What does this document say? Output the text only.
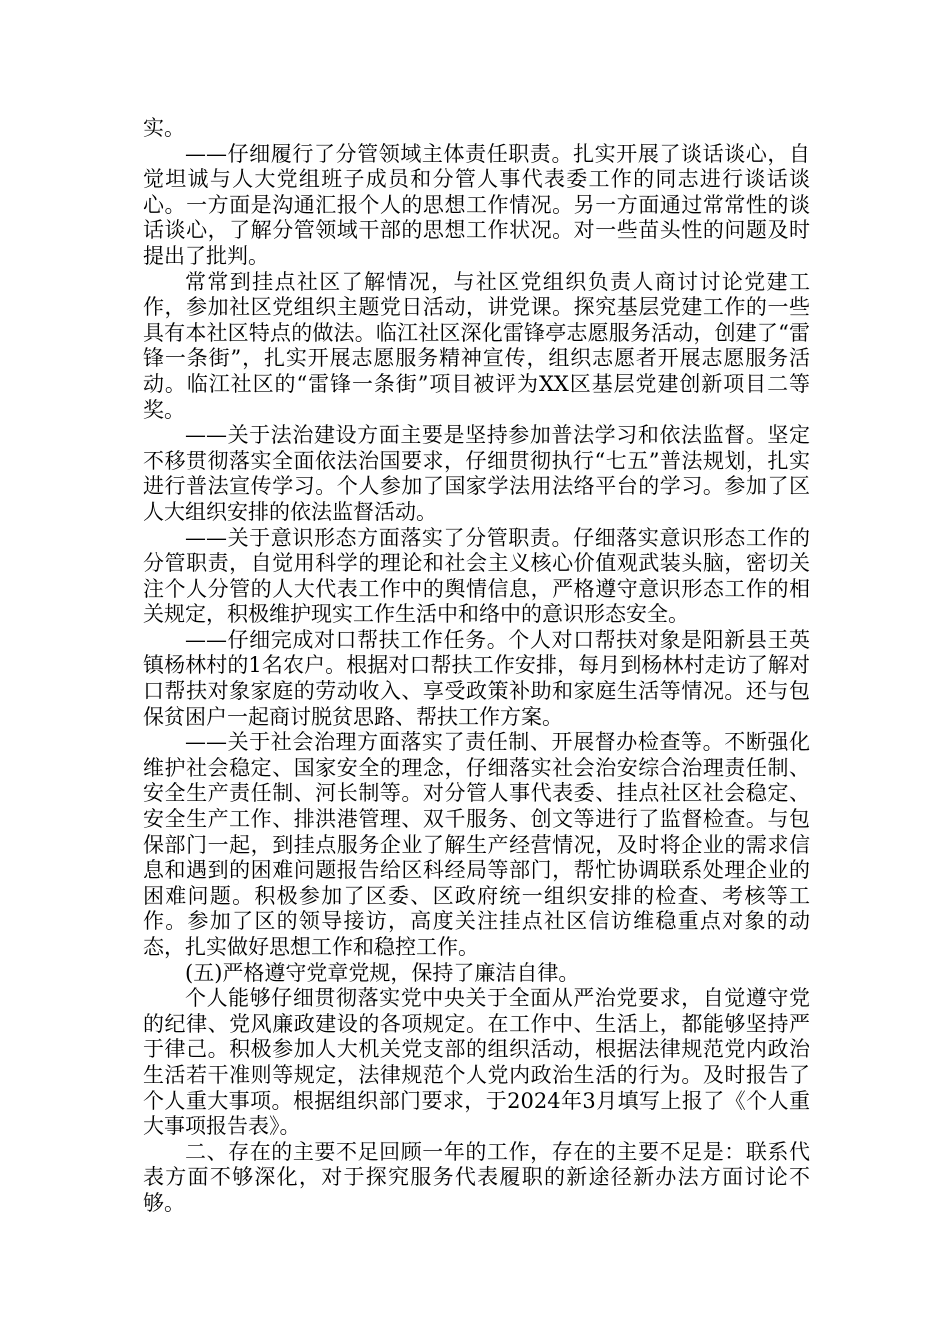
实。

——仔细履行了分管领域主体责任职责。扎实开展了谈话谈心，自觉坦诚与人大党组班子成员和分管人事代表委工作的同志进行谈话谈心。一方面是沟通汇报个人的思想工作情况。另一方面通过常常性的谈话谈心，了解分管领域干部的思想工作状况。对一些苗头性的问题及时提出了批判。

常常到挂点社区了解情况，与社区党组织负责人商讨讨论党建工作，参加社区党组织主题党日活动，讲党课。探究基层党建工作的一些具有本社区特点的做法。临江社区深化雷锋亭志愿服务活动，创建了“雷锋一条街”，扎实开展志愿服务精神宣传，组织志愿者开展志愿服务活动。临江社区的“雷锋一条街”项目被评为XX区基层党建创新项目二等奖。

——关于法治建设方面主要是坚持参加普法学习和依法监督。坚定不移贯彻落实全面依法治国要求，仔细贯彻执行“七五”普法规划，扎实进行普法宣传学习。个人参加了国家学法用法络平台的学习。参加了区人大组织安排的依法监督活动。

——关于意识形态方面落实了分管职责。仔细落实意识形态工作的分管职责，自觉用科学的理论和社会主义核心价值观武装头脑，密切关注个人分管的人大代表工作中的舆情信息，严格遵守意识形态工作的相关规定，积极维护现实工作生活中和络中的意识形态安全。

——仔细完成对口帮扶工作任务。个人对口帮扶对象是阳新县王英镇杨林村的1名农户。根据对口帮扶工作安排，每月到杨林村走访了解对口帮扶对象家庭的劳动收入、享受政策补助和家庭生活等情况。还与包保贫困户一起商讨脱贫思路、帮扶工作方案。

——关于社会治理方面落实了责任制、开展督办检查等。不断强化维护社会稳定、国家安全的理念，仔细落实社会治安综合治理责任制、安全生产责任制、河长制等。对分管人事代表委、挂点社区社会稳定、安全生产工作、排洪港管理、双千服务、创文等进行了监督检查。与包保部门一起，到挂点服务企业了解生产经营情况，及时将企业的需求信息和遇到的困难问题报告给区科经局等部门，帮忙协调联系处理企业的困难问题。积极参加了区委、区政府统一组织安排的检查、考核等工作。参加了区的领导接访，高度关注挂点社区信访维稳重点对象的动态，扎实做好思想工作和稳控工作。

(五)严格遵守党章党规，保持了廉洁自律。

个人能够仔细贯彻落实党中央关于全面从严治党要求，自觉遵守党的纪律、党风廉政建设的各项规定。在工作中、生活上，都能够坚持严于律己。积极参加人大机关党支部的组织活动，根据法律规范党内政治生活若干准则等规定，法律规范个人党内政治生活的行为。及时报告了个人重大事项。根据组织部门要求，于2024年3月填写上报了《个人重大事项报告表》。

二、存在的主要不足回顾一年的工作，存在的主要不足是：联系代表方面不够深化，对于探究服务代表履职的新途径新办法方面讨论不够。
